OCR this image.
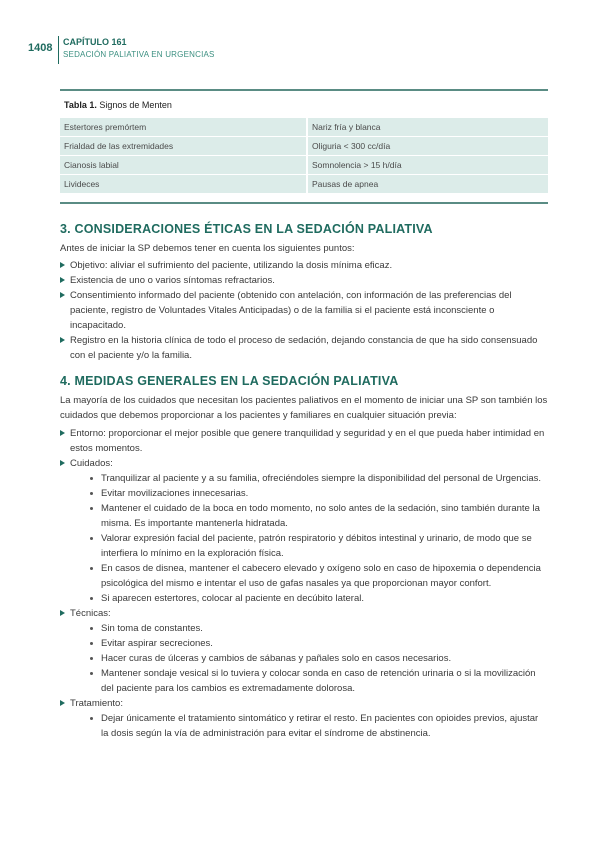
1408 CAPÍTULO 161
SEDACIÓN PALIATIVA EN URGENCIAS
Tabla 1. Signos de Menten
Estertores premórtem	Nariz fría y blanca
Frialdad de las extremidades	Oliguria < 300 cc/día
Cianosis labial	Somnolencia > 15 h/día
Livideces	Pausas de apnea
3. CONSIDERACIONES ÉTICAS EN LA SEDACIÓN PALIATIVA

Antes de iniciar la SP debemos tener en cuenta los siguientes puntos:

Objetivo: aliviar el sufrimiento del paciente, utilizando la dosis mínima eficaz.
Existencia de uno o varios síntomas refractarios.
Consentimiento informado del paciente (obtenido con antelación, con información de las preferencias del paciente, registro de Voluntades Vitales Anticipadas) o de la familia si el paciente está inconsciente o incapacitado.
Registro en la historia clínica de todo el proceso de sedación, dejando constancia de que ha sido consensuado con el paciente y/o la familia.
4. MEDIDAS GENERALES EN LA SEDACIÓN PALIATIVA

La mayoría de los cuidados que necesitan los pacientes paliativos en el momento de iniciar una SP son también los cuidados que debemos proporcionar a los pacientes y familiares en cualquier situación previa:

Entorno: proporcionar el mejor posible que genere tranquilidad y seguridad y en el que pueda haber intimidad en estos momentos.
Cuidados:
Tranquilizar al paciente y a su familia, ofreciéndoles siempre la disponibilidad del personal de Urgencias.
Evitar movilizaciones innecesarias.
Mantener el cuidado de la boca en todo momento, no solo antes de la sedación, sino también durante la misma. Es importante mantenerla hidratada.
Valorar expresión facial del paciente, patrón respiratorio y débitos intestinal y urinario, de modo que se interfiera lo mínimo en la exploración física.
En casos de disnea, mantener el cabecero elevado y oxígeno solo en caso de hipoxemia o dependencia psicológica del mismo e intentar el uso de gafas nasales ya que proporcionan mayor confort.
Si aparecen estertores, colocar al paciente en decúbito lateral.
Técnicas:
Sin toma de constantes.
Evitar aspirar secreciones.
Hacer curas de úlceras y cambios de sábanas y pañales solo en casos necesarios.
Mantener sondaje vesical si lo tuviera y colocar sonda en caso de retención urinaria o si la movilización del paciente para los cambios es extremadamente dolorosa.
Tratamiento:
Dejar únicamente el tratamiento sintomático y retirar el resto. En pacientes con opioides previos, ajustar la dosis según la vía de administración para evitar el síndrome de abstinencia.
